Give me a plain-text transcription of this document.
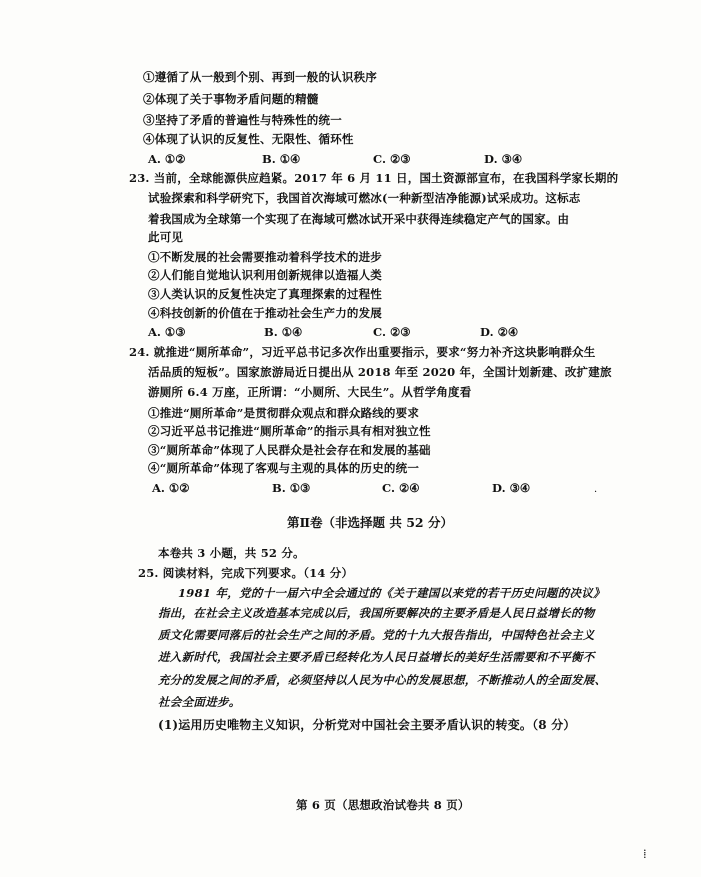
①遵循了从一般到个别、再到一般的认识秩序
②体现了关于事物矛盾问题的精髓
③坚持了矛盾的普遍性与特殊性的统一
④体现了认识的反复性、无限性、循环性
A. ①②	B. ①④	C. ②③	D. ③④
23. 当前，全球能源供应趋紧。2017 年 6 月 11 日，国土资源部宣布，在我国科学家长期的
试验探索和科学研究下，我国首次海域可燃冰(一种新型洁净能源)试采成功。这标志
着我国成为全球第一个实现了在海域可燃冰试开采中获得连续稳定产气的国家。由
此可见
①不断发展的社会需要推动着科学技术的进步
②人们能自觉地认识利用创新规律以造福人类
③人类认识的反复性决定了真理探索的过程性
④科技创新的价值在于推动社会生产力的发展
A. ①③	B. ①④	C. ②③	D. ②④
24. 就推进“厕所革命”，习近平总书记多次作出重要指示，要求“努力补齐这块影响群众生
活品质的短板”。国家旅游局近日提出从 2018 年至 2020 年，全国计划新建、改扩建旅
游厕所 6.4 万座，正所谓：“小厕所、大民生”。从哲学角度看
①推进“厕所革命”是贯彻群众观点和群众路线的要求
②习近平总书记推进“厕所革命”的指示具有相对独立性
③“厕所革命”体现了人民群众是社会存在和发展的基础
④“厕所革命”体现了客观与主观的具体的历史的统一
A. ①②	B. ①③	C. ②④	D. ③④	·
第Ⅱ卷（非选择题 共 52 分）
本卷共 3 小题，共 52 分。
25. 阅读材料，完成下列要求。（14 分）
1981 年，党的十一届六中全会通过的《关于建国以来党的若干历史问题的决议》
指出，在社会主义改造基本完成以后，我国所要解决的主要矛盾是人民日益增长的物
质文化需要同落后的社会生产之间的矛盾。党的十九大报告指出，中国特色社会主义
进入新时代，我国社会主要矛盾已经转化为人民日益增长的美好生活需要和不平衡不
充分的发展之间的矛盾，必须坚持以人民为中心的发展思想，不断推动人的全面发展、
社会全面进步。
(1)运用历史唯物主义知识，分析党对中国社会主要矛盾认识的转变。（8 分）
第 6 页（思想政治试卷共 8 页）
⁞
